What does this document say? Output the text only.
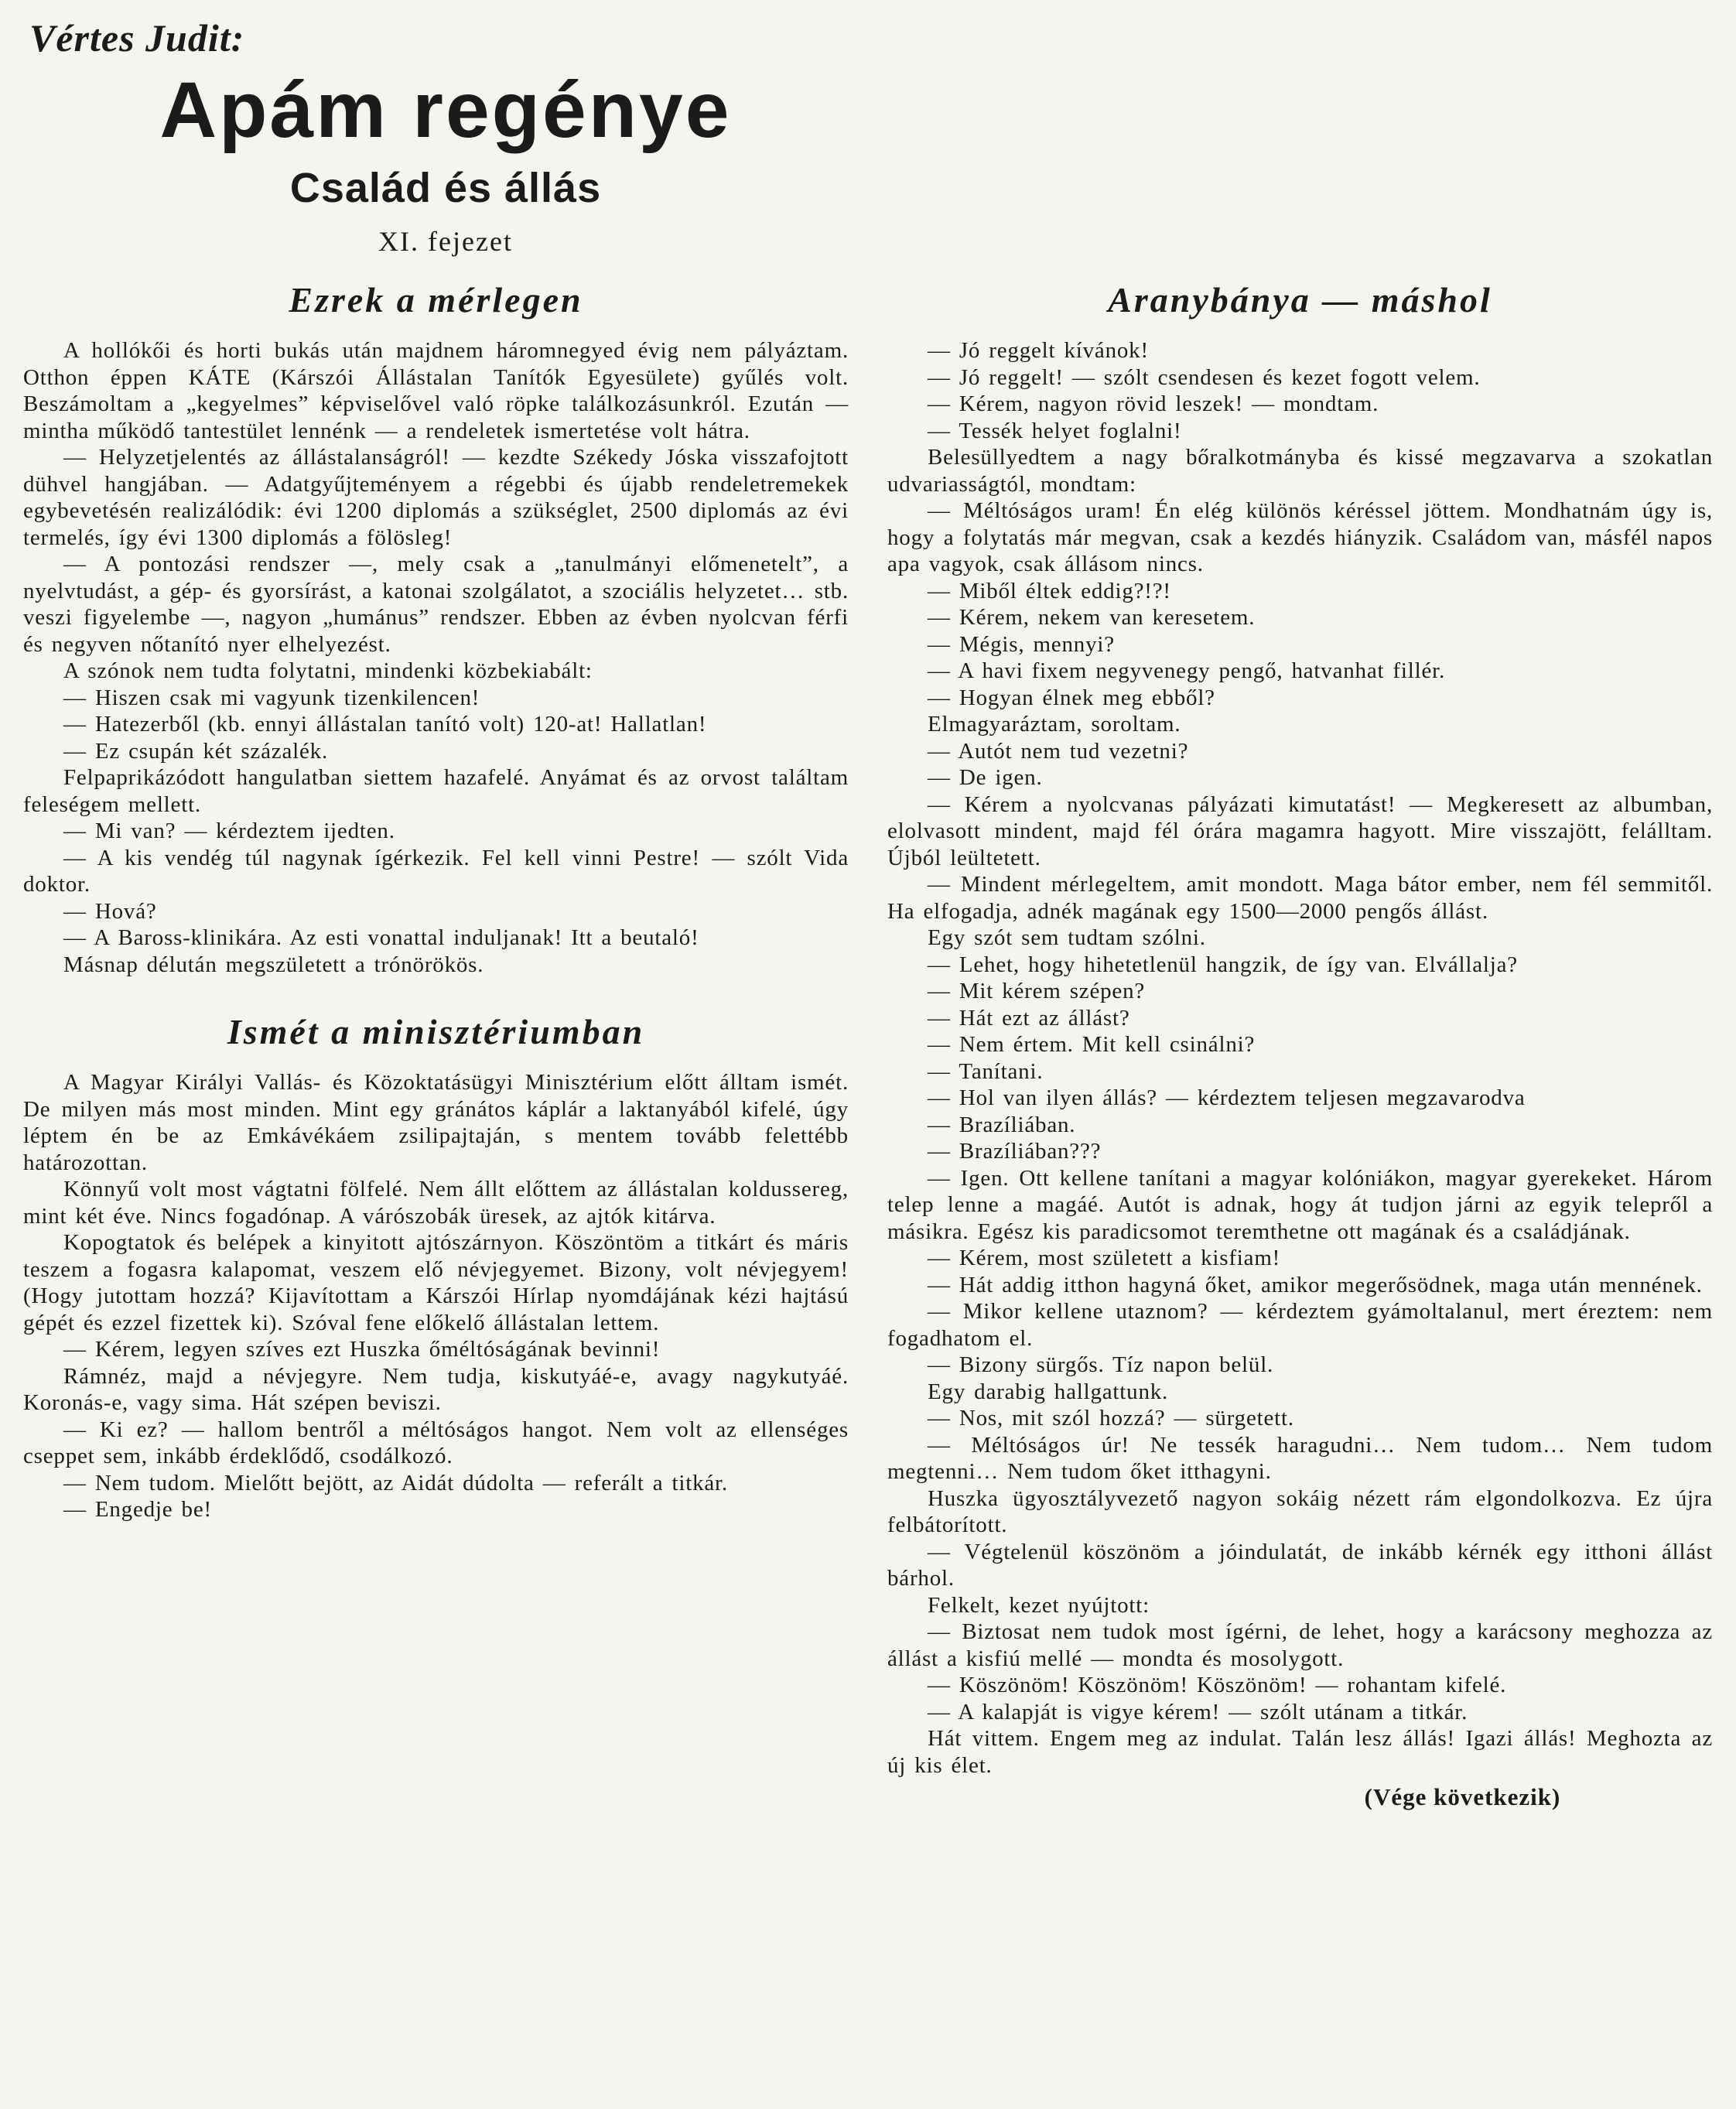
Vértes Judit:
Apám regénye
Család és állás
XI. fejezet
Ezrek a mérlegen

A hollókői és horti bukás után majdnem háromnegyed évig nem pályáztam. Otthon éppen KÁTE (Kárszói Állástalan Tanítók Egyesülete) gyűlés volt. Beszámoltam a „kegyelmes” képviselővel való röpke találkozásunkról. Ezután — mintha működő tantestület lennénk — a rendeletek ismertetése volt hátra.

— Helyzetjelentés az állástalanságról! — kezdte Székedy Jóska visszafojtott dühvel hangjában. — Adatgyűjteményem a régebbi és újabb rendeletremekek egybevetésén realizálódik: évi 1200 diplomás a szükséglet, 2500 diplomás az évi termelés, így évi 1300 diplomás a fölösleg!

— A pontozási rendszer —, mely csak a „tanulmányi előmenetelt”, a nyelvtudást, a gép- és gyorsírást, a katonai szolgálatot, a szociális helyzetet… stb. veszi figyelembe —, nagyon „humánus” rendszer. Ebben az évben nyolcvan férfi és negyven nőtanító nyer elhelyezést.

A szónok nem tudta folytatni, mindenki közbekiabált:

— Hiszen csak mi vagyunk tizenkilencen!

— Hatezerből (kb. ennyi állástalan tanító volt) 120-at! Hallatlan!

— Ez csupán két százalék.

Felpaprikázódott hangulatban siettem hazafelé. Anyámat és az orvost találtam feleségem mellett.

— Mi van? — kérdeztem ijedten.

— A kis vendég túl nagynak ígérkezik. Fel kell vinni Pestre! — szólt Vida doktor.

— Hová?

— A Baross-klinikára. Az esti vonattal induljanak! Itt a beutaló!

Másnap délután megszületett a trónörökös.

Ismét a minisztériumban

A Magyar Királyi Vallás- és Közoktatásügyi Minisztérium előtt álltam ismét. De milyen más most minden. Mint egy gránátos káplár a laktanyából kifelé, úgy léptem én be az Emkávékáem zsilipajtaján, s mentem tovább felettébb határozottan.

Könnyű volt most vágtatni fölfelé. Nem állt előttem az állástalan koldussereg, mint két éve. Nincs fogadónap. A várószobák üresek, az ajtók kitárva.

Kopogtatok és belépek a kinyitott ajtószárnyon. Köszöntöm a titkárt és máris teszem a fogasra kalapomat, veszem elő névjegyemet. Bizony, volt névjegyem! (Hogy jutottam hozzá? Kijavítottam a Kárszói Hírlap nyomdájának kézi hajtású gépét és ezzel fizettek ki). Szóval fene előkelő állástalan lettem.

— Kérem, legyen szíves ezt Huszka őméltóságának bevinni!

Rámnéz, majd a névjegyre. Nem tudja, kiskutyáé-e, avagy nagykutyáé. Koronás-e, vagy sima. Hát szépen beviszi.

— Ki ez? — hallom bentről a méltóságos hangot. Nem volt az ellenséges cseppet sem, inkább érdeklődő, csodálkozó.

— Nem tudom. Mielőtt bejött, az Aidát dúdolta — referált a titkár.

— Engedje be!

Aranybánya — máshol

— Jó reggelt kívánok!

— Jó reggelt! — szólt csendesen és kezet fogott velem.

— Kérem, nagyon rövid leszek! — mondtam.

— Tessék helyet foglalni!

Belesüllyedtem a nagy bőralkotmányba és kissé megzavarva a szokatlan udvariasságtól, mondtam:

— Méltóságos uram! Én elég különös kéréssel jöttem. Mondhatnám úgy is, hogy a folytatás már megvan, csak a kezdés hiányzik. Családom van, másfél napos apa vagyok, csak állásom nincs.

— Miből éltek eddig?!?!

— Kérem, nekem van keresetem.

— Mégis, mennyi?

— A havi fixem negyvenegy pengő, hatvanhat fillér.

— Hogyan élnek meg ebből?

Elmagyaráztam, soroltam.

— Autót nem tud vezetni?

— De igen.

— Kérem a nyolcvanas pályázati kimutatást! — Megkeresett az albumban, elolvasott mindent, majd fél órára magamra hagyott. Mire visszajött, felálltam. Újból leültetett.

— Mindent mérlegeltem, amit mondott. Maga bátor ember, nem fél semmitől. Ha elfogadja, adnék magának egy 1500—2000 pengős állást.

Egy szót sem tudtam szólni.

— Lehet, hogy hihetetlenül hangzik, de így van. Elvállalja?

— Mit kérem szépen?

— Hát ezt az állást?

— Nem értem. Mit kell csinálni?

— Tanítani.

— Hol van ilyen állás? — kérdeztem teljesen megzavarodva

— Brazíliában.

— Brazíliában???

— Igen. Ott kellene tanítani a magyar kolóniákon, magyar gyerekeket. Három telep lenne a magáé. Autót is adnak, hogy át tudjon járni az egyik telepről a másikra. Egész kis paradicsomot teremthetne ott magának és a családjának.

— Kérem, most született a kisfiam!

— Hát addig itthon hagyná őket, amikor megerősödnek, maga után mennének.

— Mikor kellene utaznom? — kérdeztem gyámoltalanul, mert éreztem: nem fogadhatom el.

— Bizony sürgős. Tíz napon belül.

Egy darabig hallgattunk.

— Nos, mit szól hozzá? — sürgetett.

— Méltóságos úr! Ne tessék haragudni… Nem tudom… Nem tudom megtenni… Nem tudom őket itthagyni.

Huszka ügyosztályvezető nagyon sokáig nézett rám elgondolkozva. Ez újra felbátorított.

— Végtelenül köszönöm a jóindulatát, de inkább kérnék egy itthoni állást bárhol.

Felkelt, kezet nyújtott:

— Biztosat nem tudok most ígérni, de lehet, hogy a karácsony meghozza az állást a kisfiú mellé — mondta és mosolygott.

— Köszönöm! Köszönöm! Köszönöm! — rohantam kifelé.

— A kalapját is vigye kérem! — szólt utánam a titkár.

Hát vittem. Engem meg az indulat. Talán lesz állás! Igazi állás! Meghozta az új kis élet.

(Vége következik)
